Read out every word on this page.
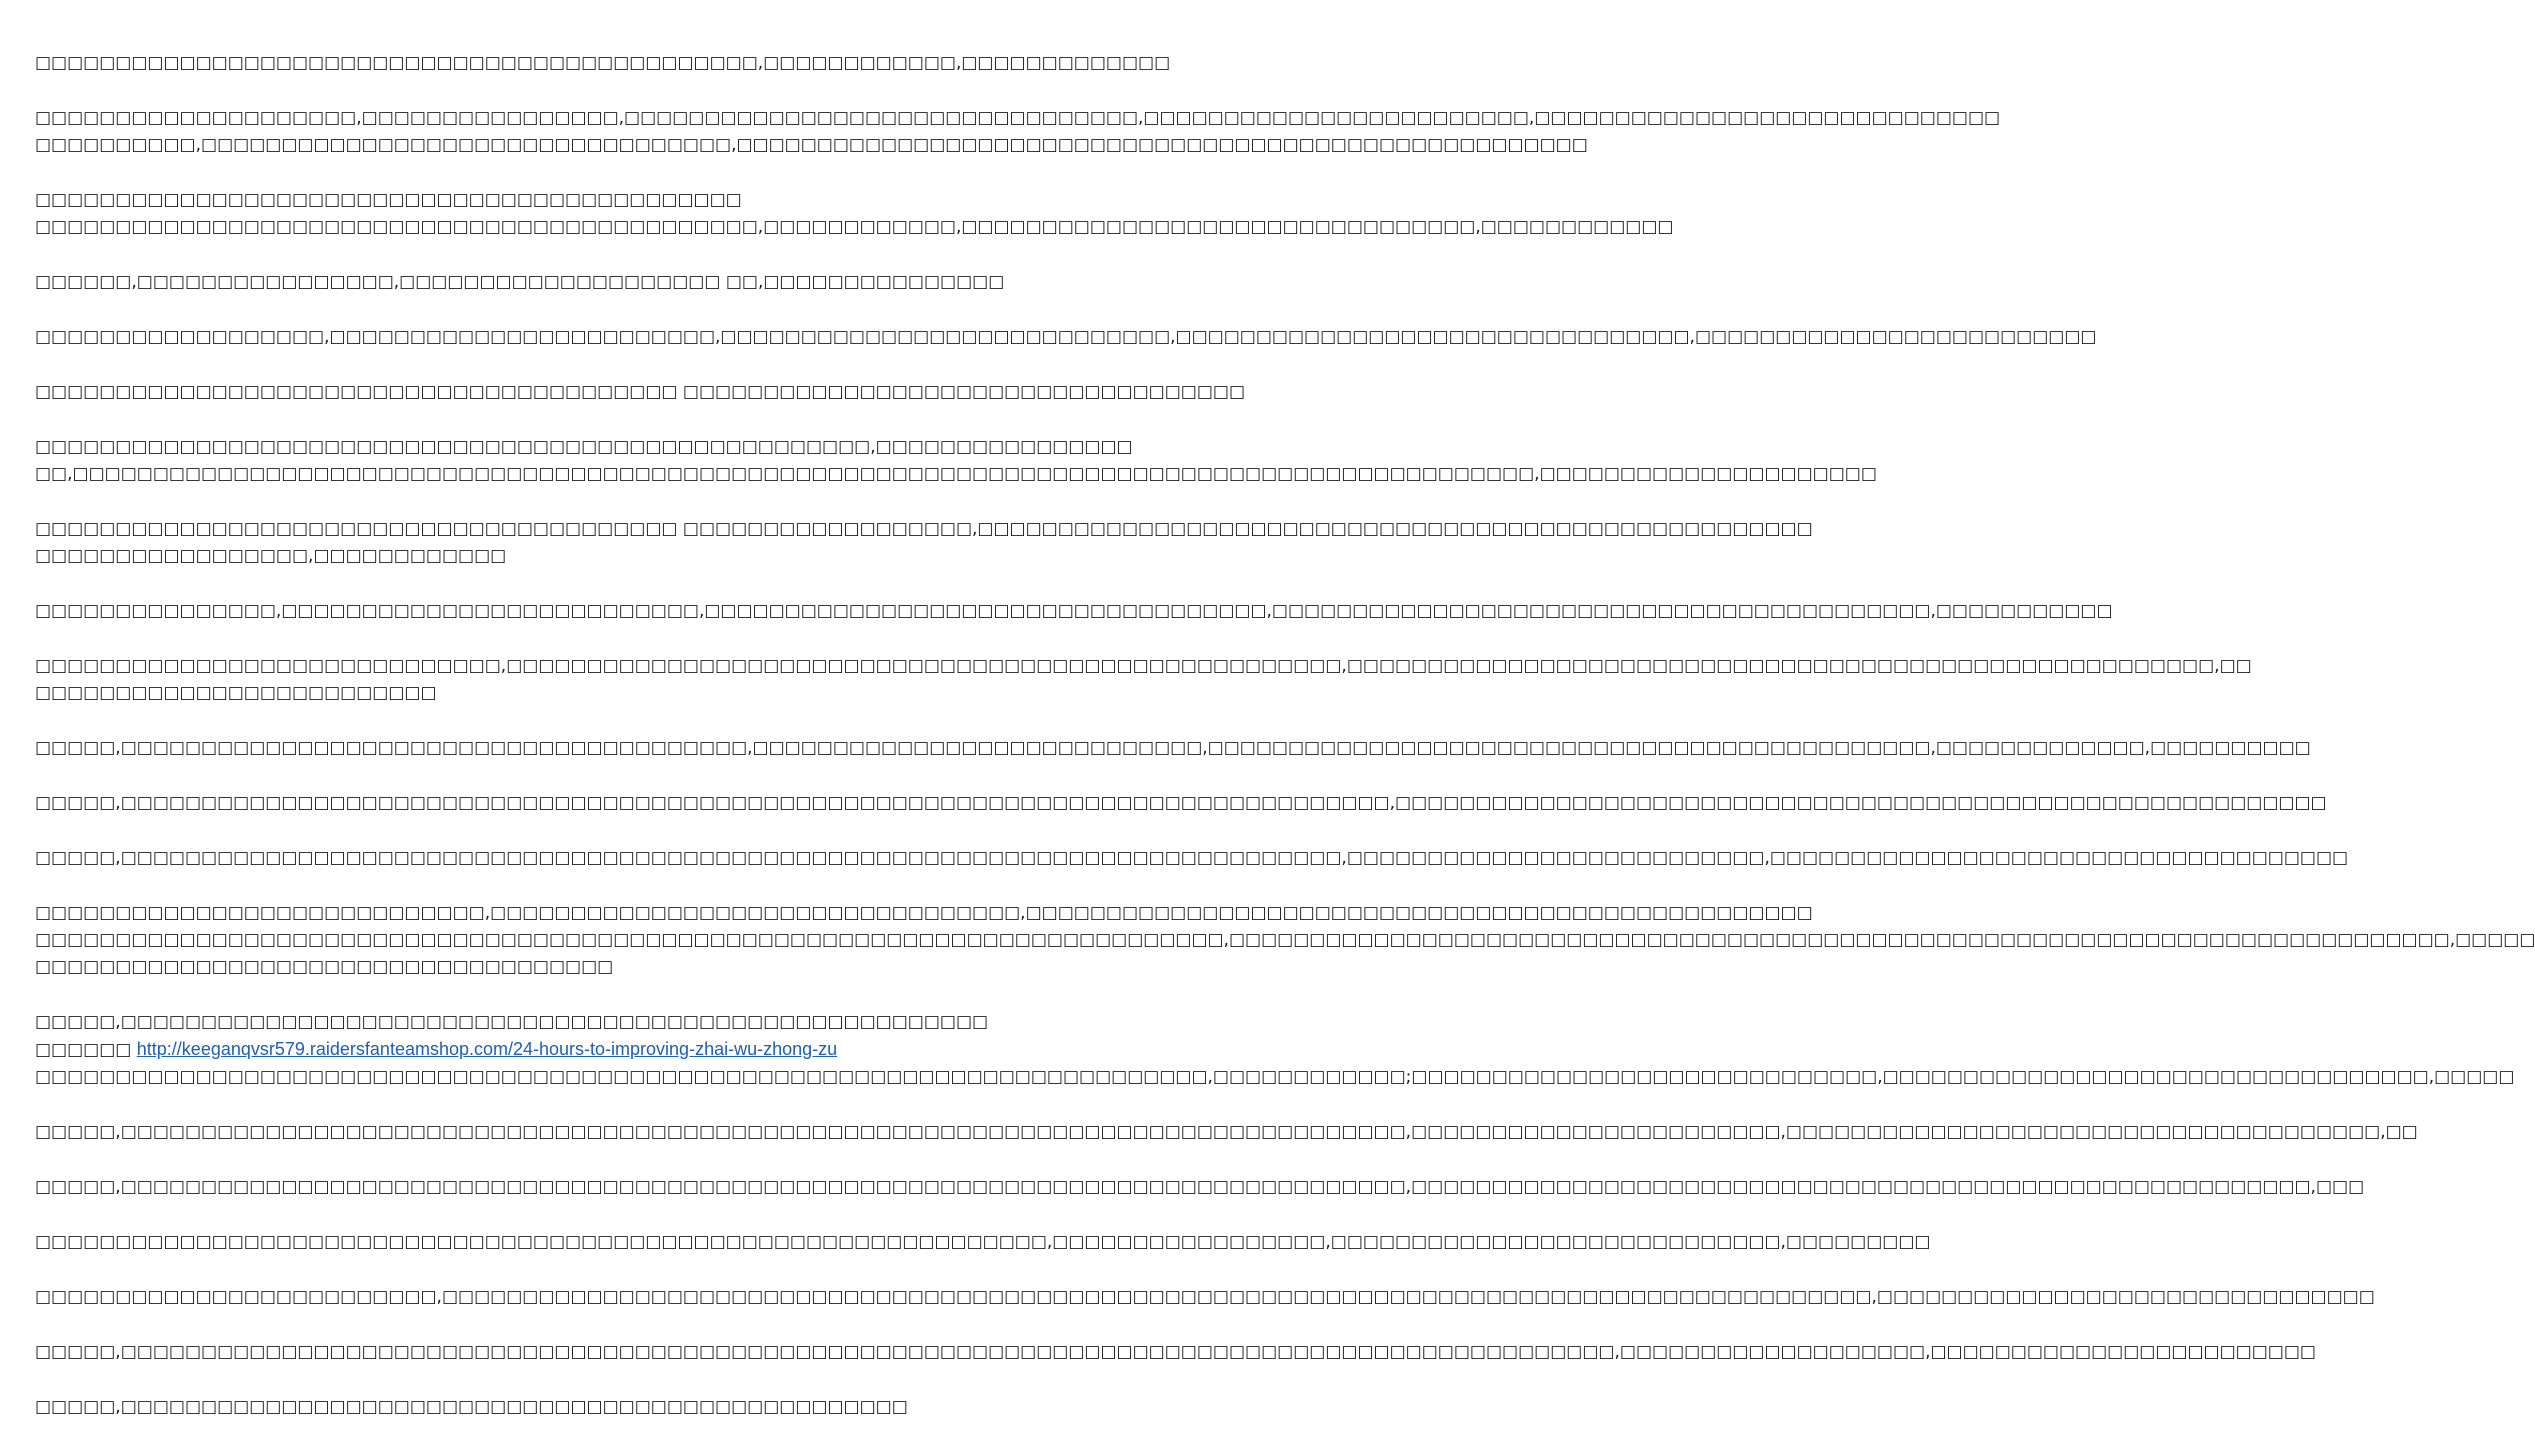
□□□□□□□□□□□□□□□□□□□□□□□□□□□□□□□□□□□□□□□□□□□□□,□□□□□□□□□□□□,□□□□□□□□□□□□□
□□□□□□□□□□□□□□□□□□□□,□□□□□□□□□□□□□□□□,□□□□□□□□□□□□□□□□□□□□□□□□□□□□□□□□,□□□□□□□□□□□□□□□□□□□□□□□□,□□□□□□□□□□□□□□□□□□□□□□□□□□□□□
□□□□□□□□□□,□□□□□□□□□□□□□□□□□□□□□□□□□□□□□□□□□,□□□□□□□□□□□□□□□□□□□□□□□□□□□□□□□□□□□□□□□□□□□□□□□□□□□□□
□□□□□□□□□□□□□□□□□□□□□□□□□□□□□□□□□□□□□□□□□□□□
□□□□□□□□□□□□□□□□□□□□□□□□□□□□□□□□□□□□□□□□□□□□□,□□□□□□□□□□□□,□□□□□□□□□□□□□□□□□□□□□□□□□□□□□□□□,□□□□□□□□□□□□
□□□□□□,□□□□□□□□□□□□□□□□,□□□□□□□□□□□□□□□□□□□□ □□,□□□□□□□□□□□□□□□
□□□□□□□□□□□□□□□□□□,□□□□□□□□□□□□□□□□□□□□□□□□,□□□□□□□□□□□□□□□□□□□□□□□□□□□□,□□□□□□□□□□□□□□□□□□□□□□□□□□□□□□□□,□□□□□□□□□□□□□□□□□□□□□□□□□
□□□□□□□□□□□□□□□□□□□□□□□□□□□□□□□□□□□□□□□□ □□□□□□□□□□□□□□□□□□□□□□□□□□□□□□□□□□□
□□□□□□□□□□□□□□□□□□□□□□□□□□□□□□□□□□□□□□□□□□□□□□□□□□□□,□□□□□□□□□□□□□□□□
□□,□□□□□□□□□□□□□□□□□□□□□□□□□□□□□□□□□□□□□□□□□□□□□□□□□□□□□□□□□□□□□□□□□□□□□□□□□□□□□□□□□□□□□□□□□□□,□□□□□□□□□□□□□□□□□□□□□
□□□□□□□□□□□□□□□□□□□□□□□□□□□□□□□□□□□□□□□□ □□□□□□□□□□□□□□□□□□,□□□□□□□□□□□□□□□□□□□□□□□□□□□□□□□□□□□□□□□□□□□□□□□□□□□□
□□□□□□□□□□□□□□□□□,□□□□□□□□□□□□
□□□□□□□□□□□□□□□,□□□□□□□□□□□□□□□□□□□□□□□□□□,□□□□□□□□□□□□□□□□□□□□□□□□□□□□□□□□□□□,□□□□□□□□□□□□□□□□□□□□□□□□□□□□□□□□□□□□□□□□□,□□□□□□□□□□□
□□□□□□□□□□□□□□□□□□□□□□□□□□□□□,□□□□□□□□□□□□□□□□□□□□□□□□□□□□□□□□□□□□□□□□□□□□□□□□□□□□,□□□□□□□□□□□□□□□□□□□□□□□□□□□□□□□□□□□□□□□□□□□□□□□□□□□□□□,□□
□□□□□□□□□□□□□□□□□□□□□□□□□
□□□□□,□□□□□□□□□□□□□□□□□□□□□□□□□□□□□□□□□□□□□□□,□□□□□□□□□□□□□□□□□□□□□□□□□□□□,□□□□□□□□□□□□□□□□□□□□□□□□□□□□□□□□□□□□□□□□□□□□□,□□□□□□□□□□□□□,□□□□□□□□□□
□□□□□,□□□□□□□□□□□□□□□□□□□□□□□□□□□□□□□□□□□□□□□□□□□□□□□□□□□□□□□□□□□□□□□□□□□□□□□□□□□□□□□,□□□□□□□□□□□□□□□□□□□□□□□□□□□□□□□□□□□□□□□□□□□□□□□□□□□□□□□□□□
□□□□□,□□□□□□□□□□□□□□□□□□□□□□□□□□□□□□□□□□□□□□□□□□□□□□□□□□□□□□□□□□□□□□□□□□□□□□□□□□□□,□□□□□□□□□□□□□□□□□□□□□□□□□□,□□□□□□□□□□□□□□□□□□□□□□□□□□□□□□□□□□□□
□□□□□□□□□□□□□□□□□□□□□□□□□□□□,□□□□□□□□□□□□□□□□□□□□□□□□□□□□□□□□□,□□□□□□□□□□□□□□□□□□□□□□□□□□□□□□□□□□□□□□□□□□□□□□□□□
□□□□□□□□□□□□□□□□□□□□□□□□□□□□□□□□□□□□□□□□□□□□□□□□□□□□□□□□□□□□□□□□□□□□□□□□□□,□□□□□□□□□□□□□□□□□□□□□□□□□□□□□□□□□□□□□□□□□□□□□□□□□□□□□□□□□□□□□□□□□□□□□□□□□□□□,□□□□□
□□□□□□□□□□□□□□□□□□□□□□□□□□□□□□□□□□□□
□□□□□,□□□□□□□□□□□□□□□□□□□□□□□□□□□□□□□□□□□□□□□□□□□□□□□□□□□□□□□□□□□□ http://keeganqvsr579.raidersfanteamshop.com/24-hours-to-improving-zhai-wu-zhong-zu
□□□□□□□□□□□□□□□□□□□□□□□□□□□□□□□□□□□□□□□□□□□□□□□□□□□□□□□□□□□□□□□□□□□□□□□□□,□□□□□□□□□□□□;□□□□□□□□□□□□□□□□□□□□□□□□□□□□□,□□□□□□□□□□□□□□□□□□□□□□□□□□□□□□□□□□,□□□□□
□□□□□,□□□□□□□□□□□□□□□□□□□□□□□□□□□□□□□□□□□□□□□□□□□□□□□□□□□□□□□□□□□□□□□□□□□□□□□□□□□□□□□□,□□□□□□□□□□□□□□□□□□□□□□□,□□□□□□□□□□□□□□□□□□□□□□□□□□□□□□□□□□□□□,□□
□□□□□,□□□□□□□□□□□□□□□□□□□□□□□□□□□□□□□□□□□□□□□□□□□□□□□□□□□□□□□□□□□□□□□□□□□□□□□□□□□□□□□□,□□□□□□□□□□□□□□□□□□□□□□□□□□□□□□□□□□□□□□□□□□□□□□□□□□□□□□□□,□□□
□□□□□□□□□□□□□□□□□□□□□□□□□□□□□□□□□□□□□□□□□□□□□□□□□□□□□□□□□□□□□□□,□□□□□□□□□□□□□□□□□,□□□□□□□□□□□□□□□□□□□□□□□□□□□□,□□□□□□□□□
□□□□□□□□□□□□□□□□□□□□□□□□□,□□□□□□□□□□□□□□□□□□□□□□□□□□□□□□□□□□□□□□□□□□□□□□□□□□□□□□□□□□□□□□□□□□□□□□□□□□□□□□□□□□□□□□□□□,□□□□□□□□□□□□□□□□□□□□□□□□□□□□□□□
□□□□□,□□□□□□□□□□□□□□□□□□□□□□□□□□□□□□□□□□□□□□□□□□□□□□□□□□□□□□□□□□□□□□□□□□□□□□□□□□□□□□□□□□□□□□□□□□□□□,□□□□□□□□□□□□□□□□□□□,□□□□□□□□□□□□□□□□□□□□□□□□
□□□□□,□□□□□□□□□□□□□□□□□□□□□□□□□□□□□□□□□□□□□□□□□□□□□□□□□
